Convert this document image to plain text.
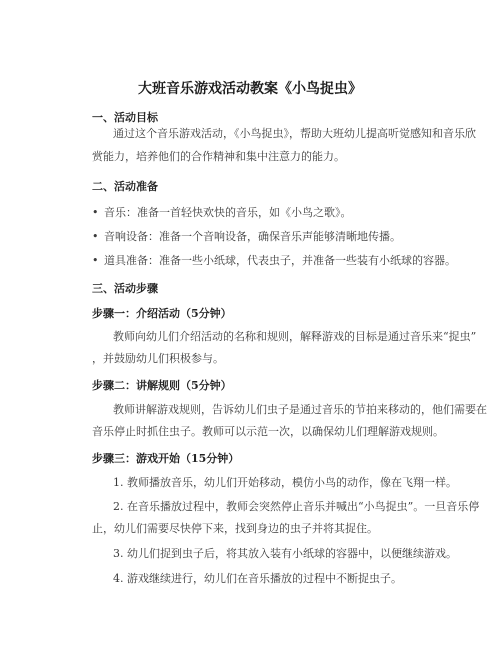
大班音乐游戏活动教案《小鸟捉虫》
一、活动目标
通过这个音乐游戏活动，《小鸟捉虫》，帮助大班幼儿提高听觉感知和音乐欣
赏能力，培养他们的合作精神和集中注意力的能力。
二、活动准备
• 音乐：准备一首轻快欢快的音乐，如《小鸟之歌》。
• 音响设备：准备一个音响设备，确保音乐声能够清晰地传播。
• 道具准备：准备一些小纸球，代表虫子，并准备一些装有小纸球的容器。
三、活动步骤
步骤一：介绍活动（5分钟）
教师向幼儿们介绍活动的名称和规则，解释游戏的目标是通过音乐来“捉虫”
，并鼓励幼儿们积极参与。
步骤二：讲解规则（5分钟）
教师讲解游戏规则，告诉幼儿们虫子是通过音乐的节拍来移动的，他们需要在
音乐停止时抓住虫子。教师可以示范一次，以确保幼儿们理解游戏规则。
步骤三：游戏开始（15分钟）
1. 教师播放音乐，幼儿们开始移动，模仿小鸟的动作，像在飞翔一样。
2. 在音乐播放过程中，教师会突然停止音乐并喊出“小鸟捉虫”。一旦音乐停
止，幼儿们需要尽快停下来，找到身边的虫子并将其捉住。
3. 幼儿们捉到虫子后，将其放入装有小纸球的容器中，以便继续游戏。
4. 游戏继续进行，幼儿们在音乐播放的过程中不断捉虫子。
